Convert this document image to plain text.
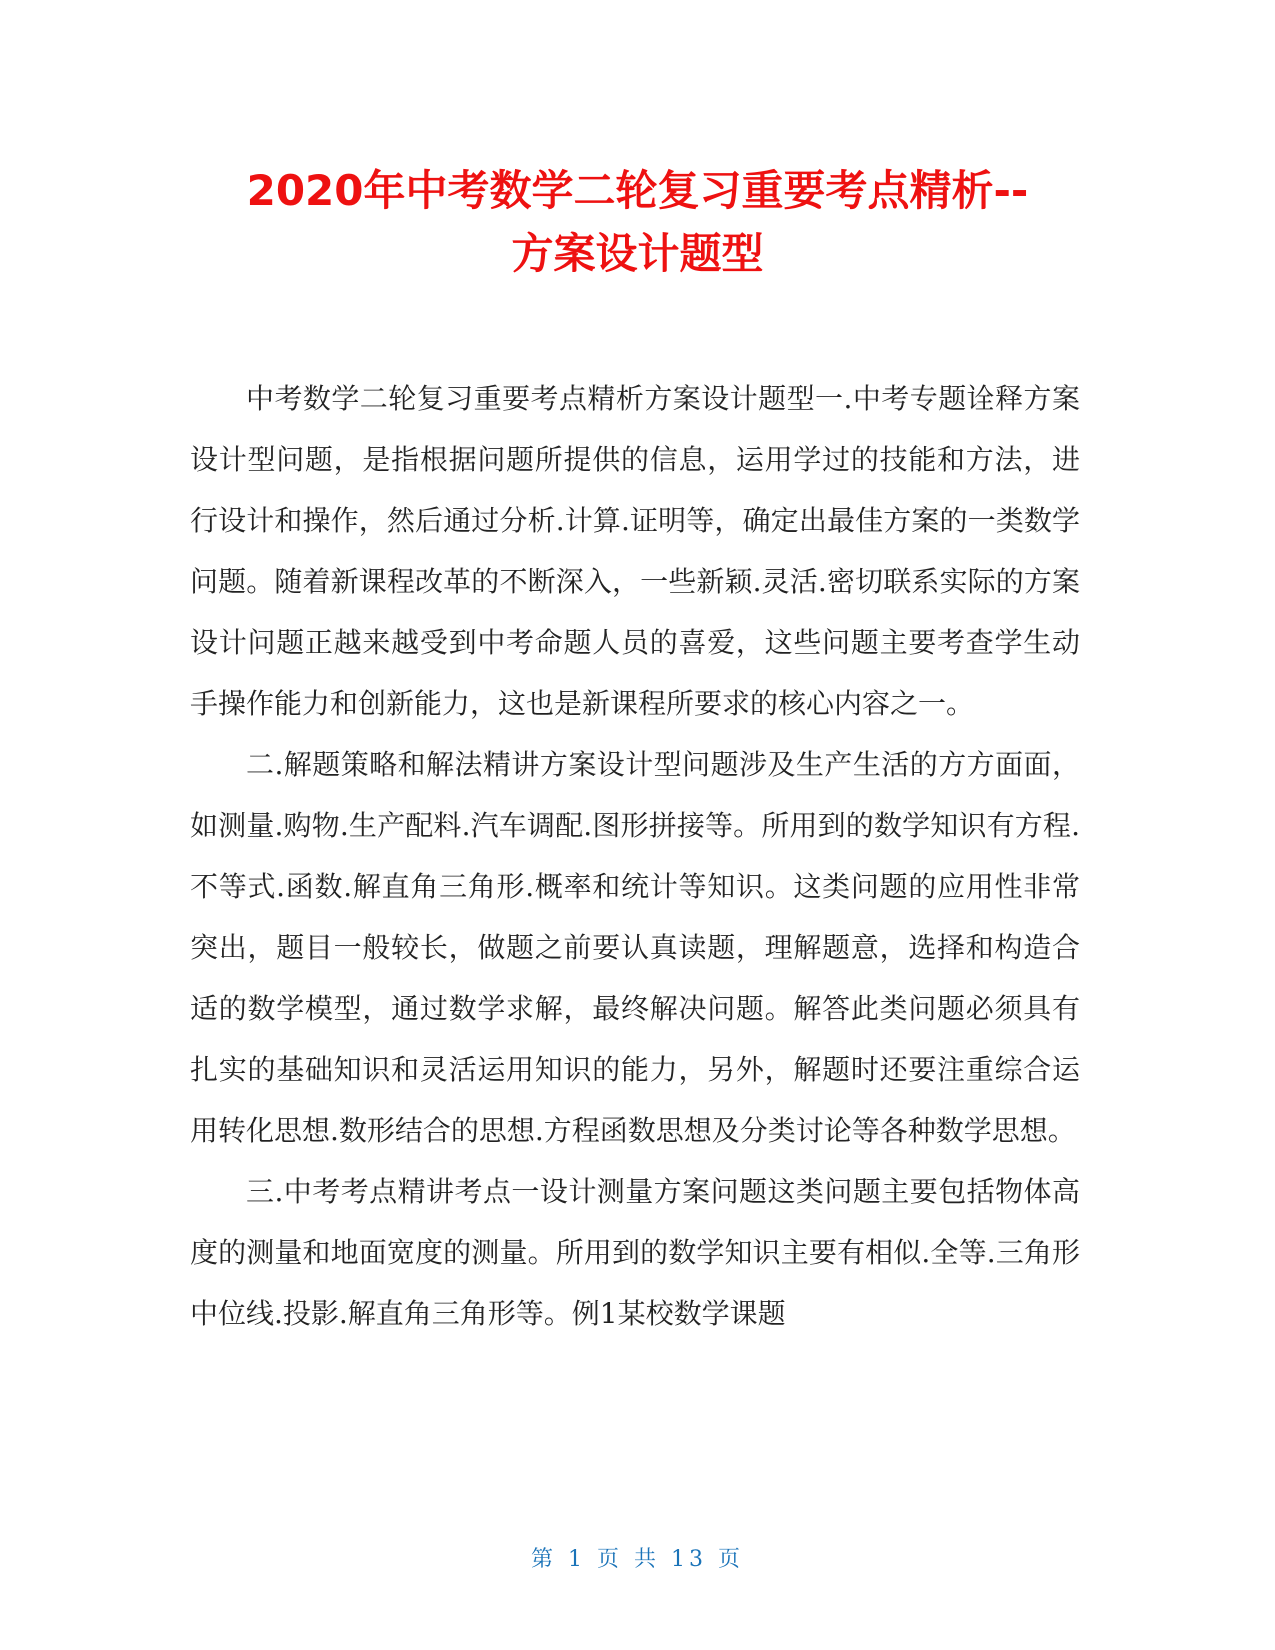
2020年中考数学二轮复习重要考点精析--
方案设计题型

中考数学二轮复习重要考点精析方案设计题型一.中考专题诠释方案设计型问题，是指根据问题所提供的信息，运用学过的技能和方法，进行设计和操作，然后通过分析.计算.证明等，确定出最佳方案的一类数学问题。随着新课程改革的不断深入，一些新颖.灵活.密切联系实际的方案设计问题正越来越受到中考命题人员的喜爱，这些问题主要考查学生动手操作能力和创新能力，这也是新课程所要求的核心内容之一。

二.解题策略和解法精讲方案设计型问题涉及生产生活的方方面面，如测量.购物.生产配料.汽车调配.图形拼接等。所用到的数学知识有方程.不等式.函数.解直角三角形.概率和统计等知识。这类问题的应用性非常突出，题目一般较长，做题之前要认真读题，理解题意，选择和构造合适的数学模型，通过数学求解，最终解决问题。解答此类问题必须具有扎实的基础知识和灵活运用知识的能力，另外，解题时还要注重综合运用转化思想.数形结合的思想.方程函数思想及分类讨论等各种数学思想。

三.中考考点精讲考点一设计测量方案问题这类问题主要包括物体高度的测量和地面宽度的测量。所用到的数学知识主要有相似.全等.三角形中位线.投影.解直角三角形等。例1某校数学课题

第 1 页 共 13 页
